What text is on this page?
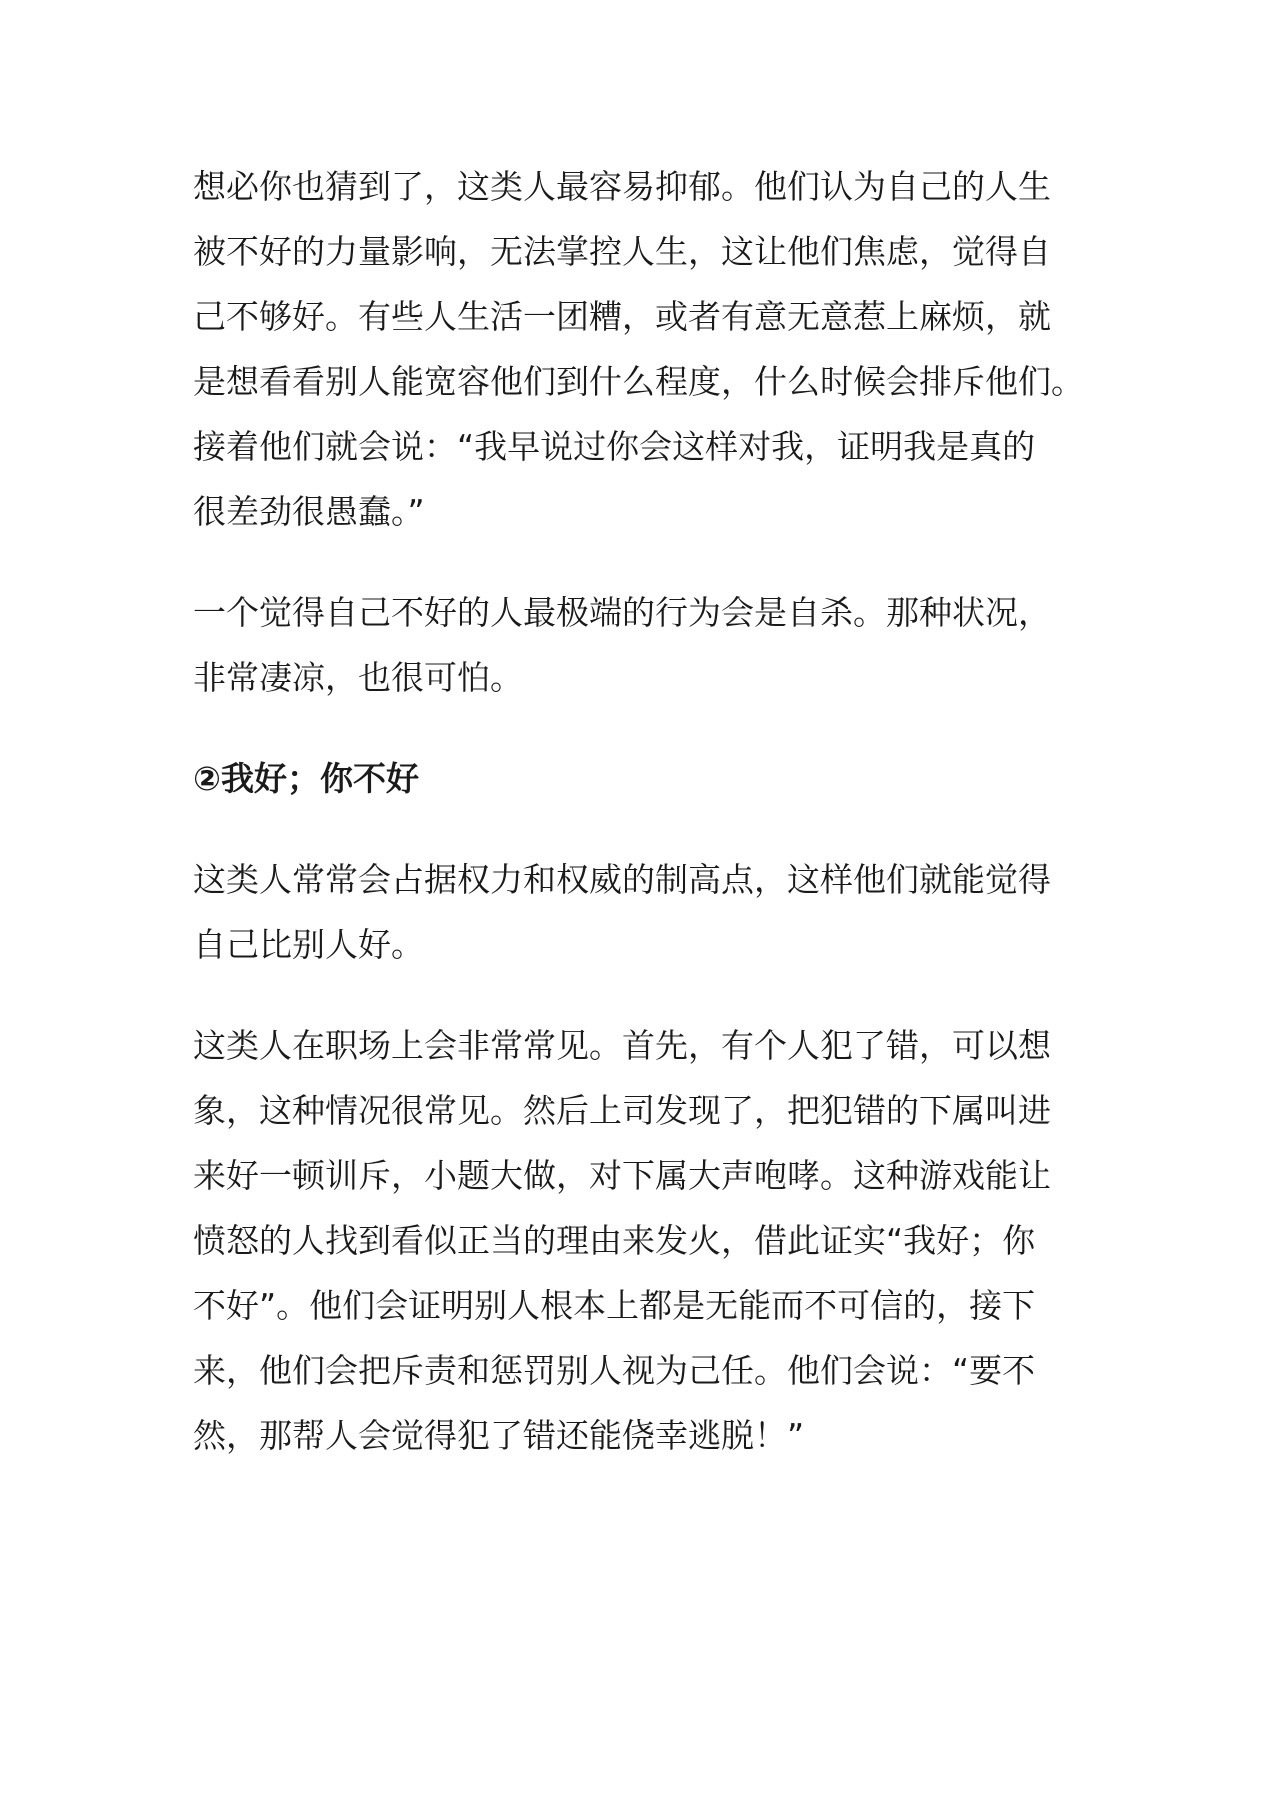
想必你也猜到了，这类人最容易抑郁。他们认为自己的人生
被不好的力量影响，无法掌控人生，这让他们焦虑，觉得自
己不够好。有些人生活一团糟，或者有意无意惹上麻烦，就
是想看看别人能宽容他们到什么程度，什么时候会排斥他们。
接着他们就会说：“我早说过你会这样对我，证明我是真的
很差劲很愚蠢。”

一个觉得自己不好的人最极端的行为会是自杀。那种状况，
非常凄凉，也很可怕。

②我好；你不好

这类人常常会占据权力和权威的制高点，这样他们就能觉得
自己比别人好。

这类人在职场上会非常常见。首先，有个人犯了错，可以想
象，这种情况很常见。然后上司发现了，把犯错的下属叫进
来好一顿训斥，小题大做，对下属大声咆哮。这种游戏能让
愤怒的人找到看似正当的理由来发火，借此证实“我好；你
不好”。他们会证明别人根本上都是无能而不可信的，接下
来，他们会把斥责和惩罚别人视为己任。他们会说：“要不
然，那帮人会觉得犯了错还能侥幸逃脱！”
